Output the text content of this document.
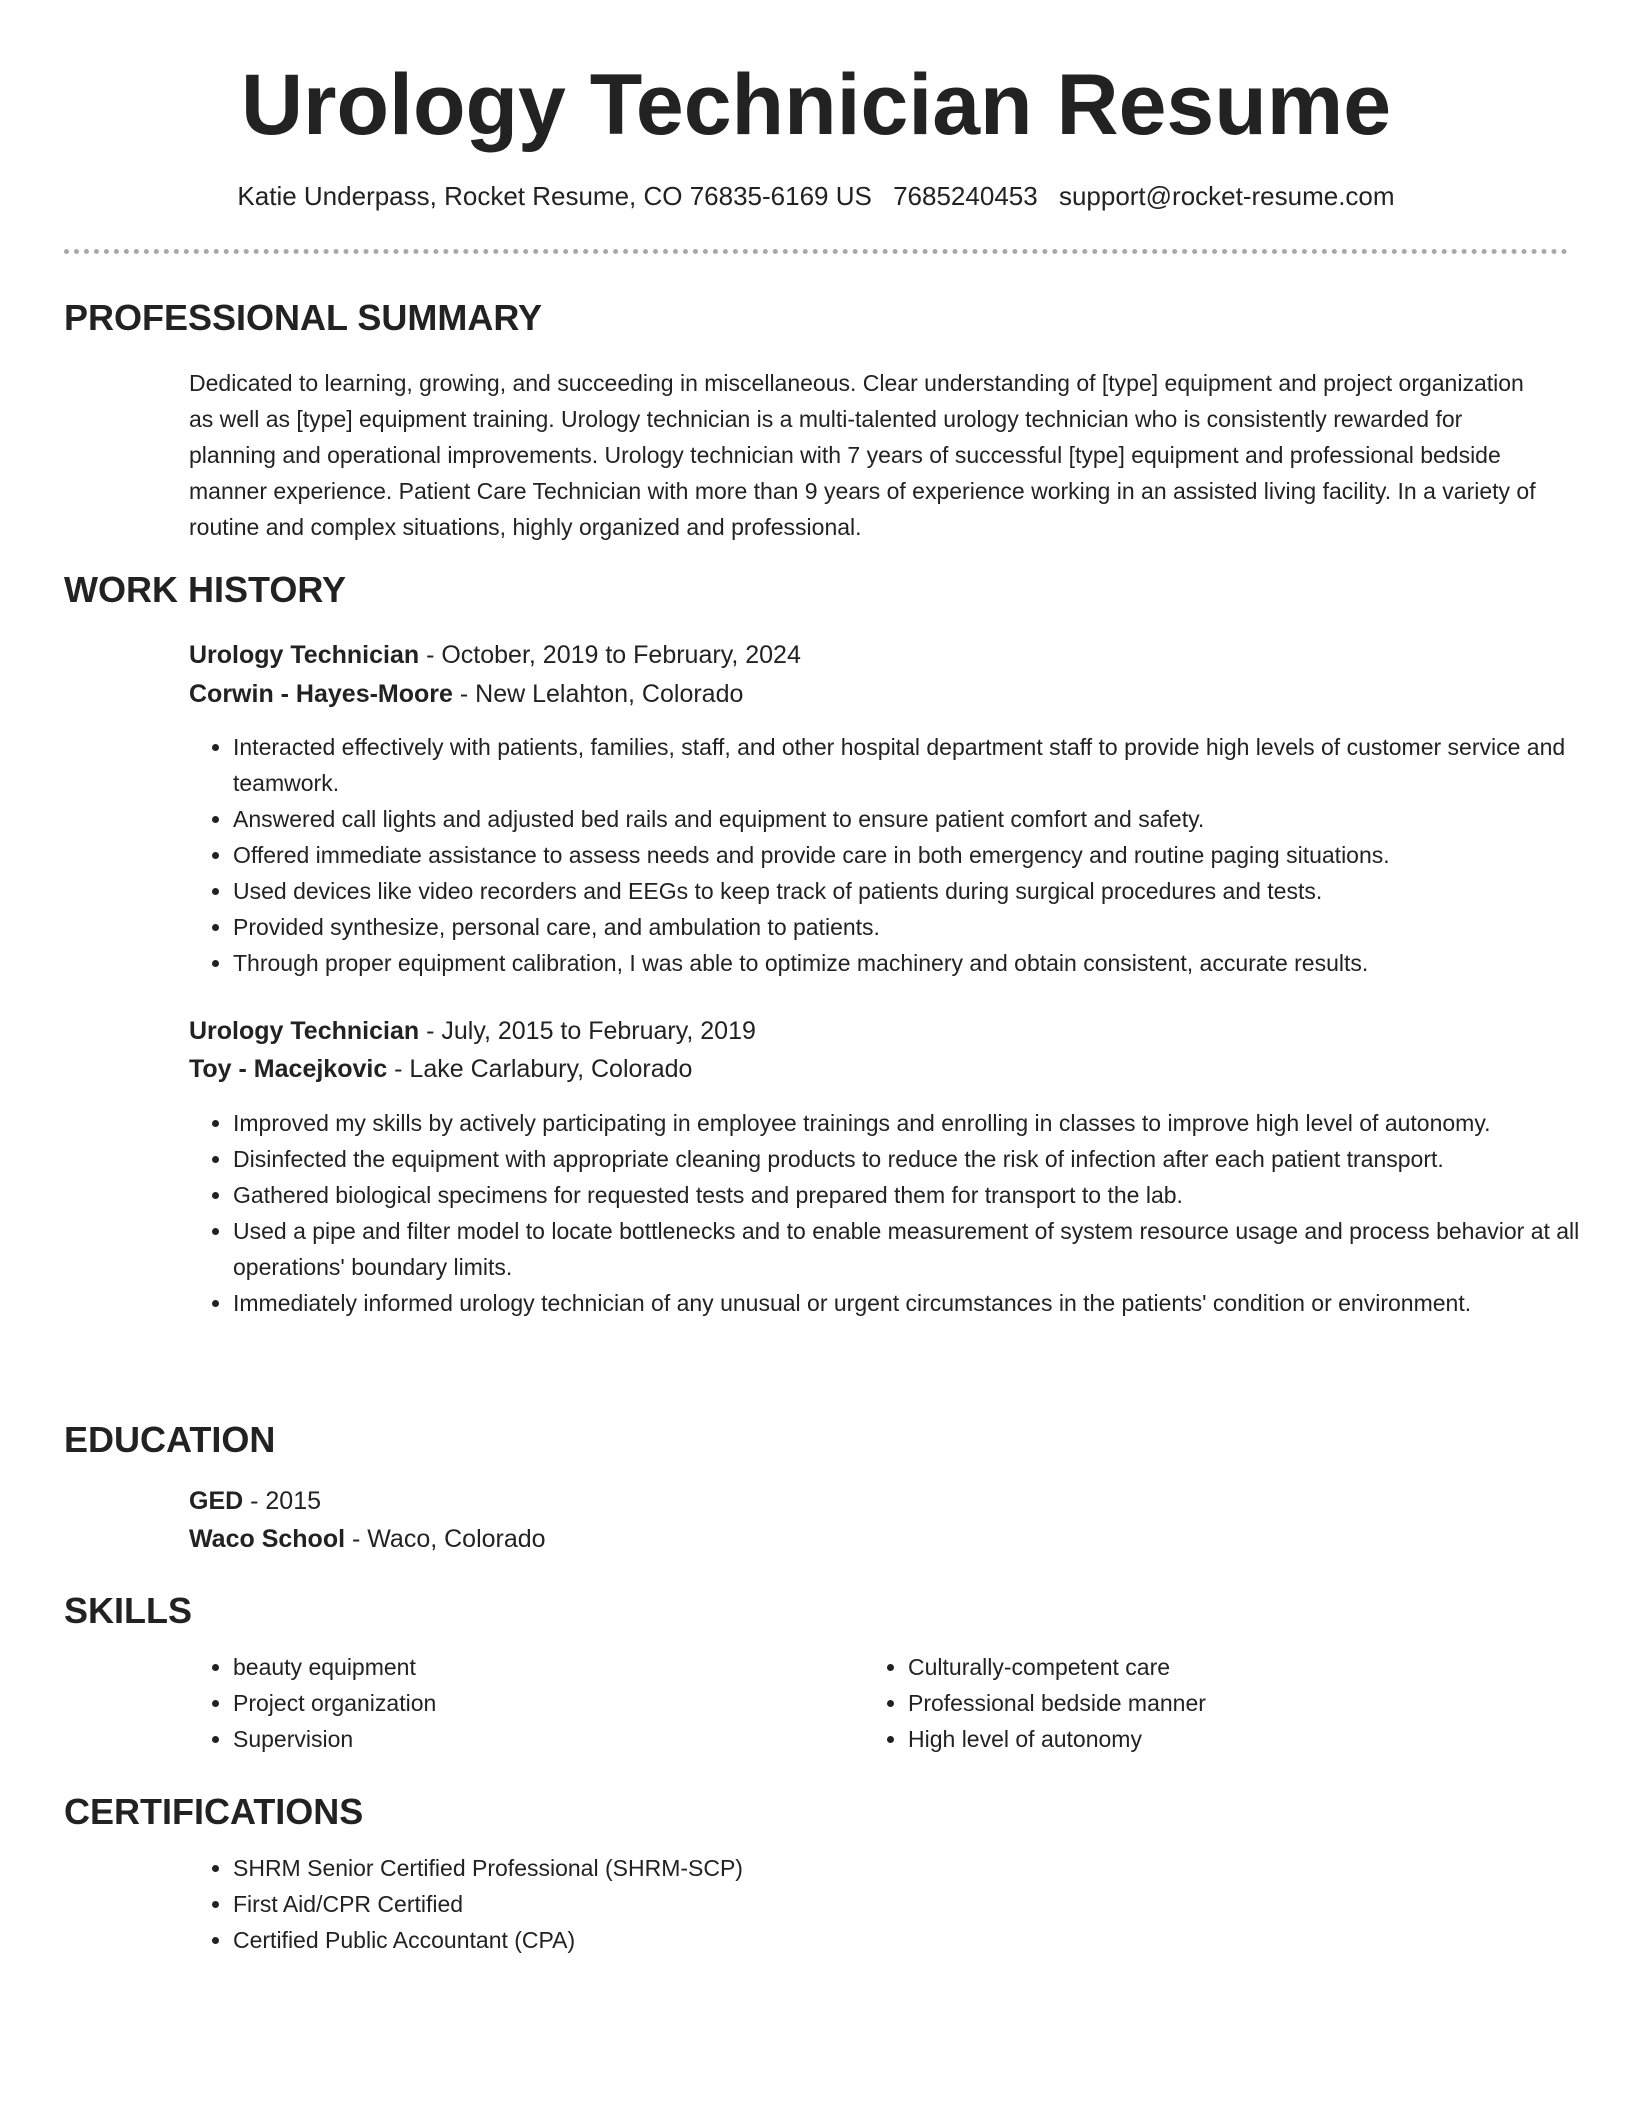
Urology Technician Resume
Katie Underpass, Rocket Resume, CO 76835-6169 US 7685240453 support@rocket-resume.com
PROFESSIONAL SUMMARY

Dedicated to learning, growing, and succeeding in miscellaneous. Clear understanding of [type] equipment and project organization as well as [type] equipment training. Urology technician is a multi-talented urology technician who is consistently rewarded for planning and operational improvements. Urology technician with 7 years of successful [type] equipment and professional bedside manner experience. Patient Care Technician with more than 9 years of experience working in an assisted living facility. In a variety of routine and complex situations, highly organized and professional.

WORK HISTORY

Urology Technician - October, 2019 to February, 2024

Corwin - Hayes-Moore - New Lelahton, Colorado

• Interacted effectively with patients, families, staff, and other hospital department staff to provide high levels of customer service and teamwork.
• Answered call lights and adjusted bed rails and equipment to ensure patient comfort and safety.
• Offered immediate assistance to assess needs and provide care in both emergency and routine paging situations.
• Used devices like video recorders and EEGs to keep track of patients during surgical procedures and tests.
• Provided synthesize, personal care, and ambulation to patients.
• Through proper equipment calibration, I was able to optimize machinery and obtain consistent, accurate results.

Urology Technician - July, 2015 to February, 2019

Toy - Macejkovic - Lake Carlabury, Colorado

• Improved my skills by actively participating in employee trainings and enrolling in classes to improve high level of autonomy.
• Disinfected the equipment with appropriate cleaning products to reduce the risk of infection after each patient transport.
• Gathered biological specimens for requested tests and prepared them for transport to the lab.
• Used a pipe and filter model to locate bottlenecks and to enable measurement of system resource usage and process behavior at all operations' boundary limits.
• Immediately informed urology technician of any unusual or urgent circumstances in the patients' condition or environment.
EDUCATION

GED - 2015

Waco School - Waco, Colorado

SKILLS
• beauty equipment
• Project organization
• Supervision
• Culturally-competent care
• Professional bedside manner
• High level of autonomy
CERTIFICATIONS
• SHRM Senior Certified Professional (SHRM-SCP)
• First Aid/CPR Certified
• Certified Public Accountant (CPA)
